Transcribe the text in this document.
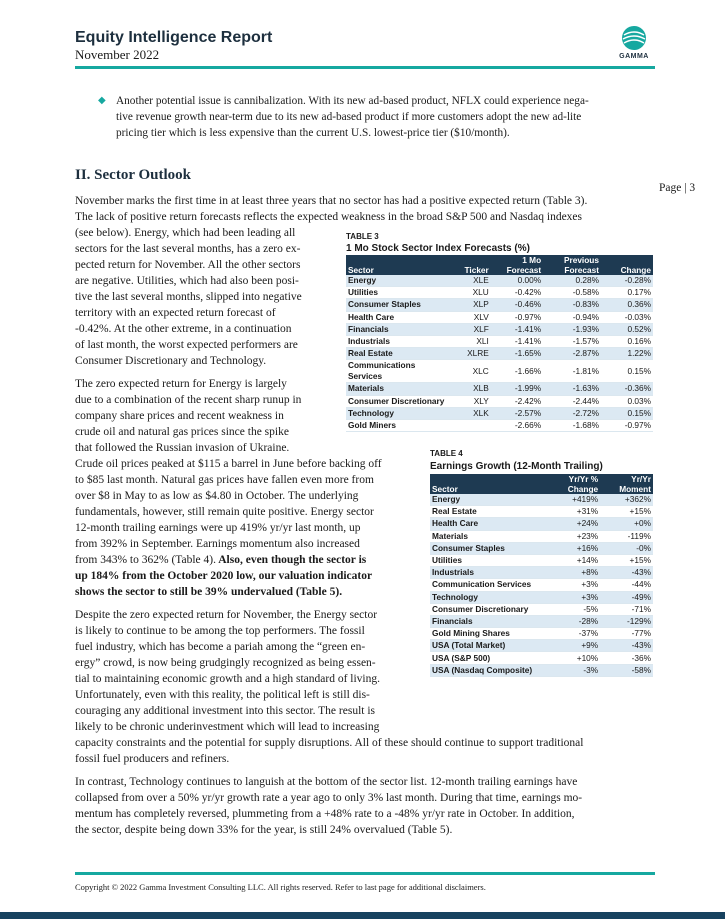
Equity Intelligence Report
November 2022	GAMMA
◆ Another potential issue is cannibalization. With its new ad-based product, NFLX could experience nega-
tive revenue growth near-term due to its new ad-based product if more customers adopt the new ad-lite
pricing tier which is less expensive than the current U.S. lowest-price tier ($10/month).
II. Sector Outlook
Page | 3
November marks the first time in at least three years that no sector has had a positive expected return (Table 3).
The lack of positive return forecasts reflects the expected weakness in the broad S&P 500 and Nasdaq indexes
(see below). Energy, which had been leading all
sectors for the last several months, has a zero ex-
pected return for November. All the other sectors
are negative. Utilities, which had also been posi-
tive the last several months, slipped into negative
territory with an expected return forecast of
-0.42%. At the other extreme, in a continuation
of last month, the worst expected performers are
Consumer Discretionary and Technology.
The zero expected return for Energy is largely
due to a combination of the recent sharp runup in
company share prices and recent weakness in
crude oil and natural gas prices since the spike
that followed the Russian invasion of Ukraine.
Crude oil prices peaked at $115 a barrel in June before backing off
to $85 last month. Natural gas prices have fallen even more from
over $8 in May to as low as $4.80 in October. The underlying
fundamentals, however, still remain quite positive. Energy sector
12-month trailing earnings were up 419% yr/yr last month, up
from 392% in September. Earnings momentum also increased
from 343% to 362% (Table 4). Also, even though the sector is
up 184% from the October 2020 low, our valuation indicator
shows the sector to still be 39% undervalued (Table 5).
Despite the zero expected return for November, the Energy sector
is likely to continue to be among the top performers. The fossil
fuel industry, which has become a pariah among the “green en-
ergy” crowd, is now being grudgingly recognized as being essen-
tial to maintaining economic growth and a high standard of living.
Unfortunately, even with this reality, the political left is still dis-
couraging any additional investment into this sector. The result is
likely to be chronic underinvestment which will lead to increasing
capacity constraints and the potential for supply disruptions. All of these should continue to support traditional
fossil fuel producers and refiners.
In contrast, Technology continues to languish at the bottom of the sector list. 12-month trailing earnings have
collapsed from over a 50% yr/yr growth rate a year ago to only 3% last month. During that time, earnings mo-
mentum has completely reversed, plummeting from a +48% rate to a -48% yr/yr rate in October. In addition,
the sector, despite being down 33% for the year, is still 24% overvalued (Table 5).
TABLE 3
1 Mo Stock Sector Index Forecasts (%)
Sector	Ticker	1 Mo Forecast	Previous Forecast	Change
Energy	XLE	0.00%	0.28%	-0.28%
Utilities	XLU	-0.42%	-0.58%	0.17%
Consumer Staples	XLP	-0.46%	-0.83%	0.36%
Health Care	XLV	-0.97%	-0.94%	-0.03%
Financials	XLF	-1.41%	-1.93%	0.52%
Industrials	XLI	-1.41%	-1.57%	0.16%
Real Estate	XLRE	-1.65%	-2.87%	1.22%
Communications Services	XLC	-1.66%	-1.81%	0.15%
Materials	XLB	-1.99%	-1.63%	-0.36%
Consumer Discretionary	XLY	-2.42%	-2.44%	0.03%
Technology	XLK	-2.57%	-2.72%	0.15%
Gold Miners		-2.66%	-1.68%	-0.97%
TABLE 4
Earnings Growth (12-Month Trailing)
Sector	Yr/Yr % Change	Yr/Yr Moment
Energy	+419%	+362%
Real Estate	+31%	+15%
Health Care	+24%	+0%
Materials	+23%	-119%
Consumer Staples	+16%	-0%
Utilities	+14%	+15%
Industrials	+8%	-43%
Communication Services	+3%	-44%
Technology	+3%	-49%
Consumer Discretionary	-5%	-71%
Financials	-28%	-129%
Gold Mining Shares	-37%	-77%
USA (Total Market)	+9%	-43%
USA (S&P 500)	+10%	-36%
USA (Nasdaq Composite)	-3%	-58%
Copyright © 2022 Gamma Investment Consulting LLC. All rights reserved. Refer to last page for additional disclaimers.
